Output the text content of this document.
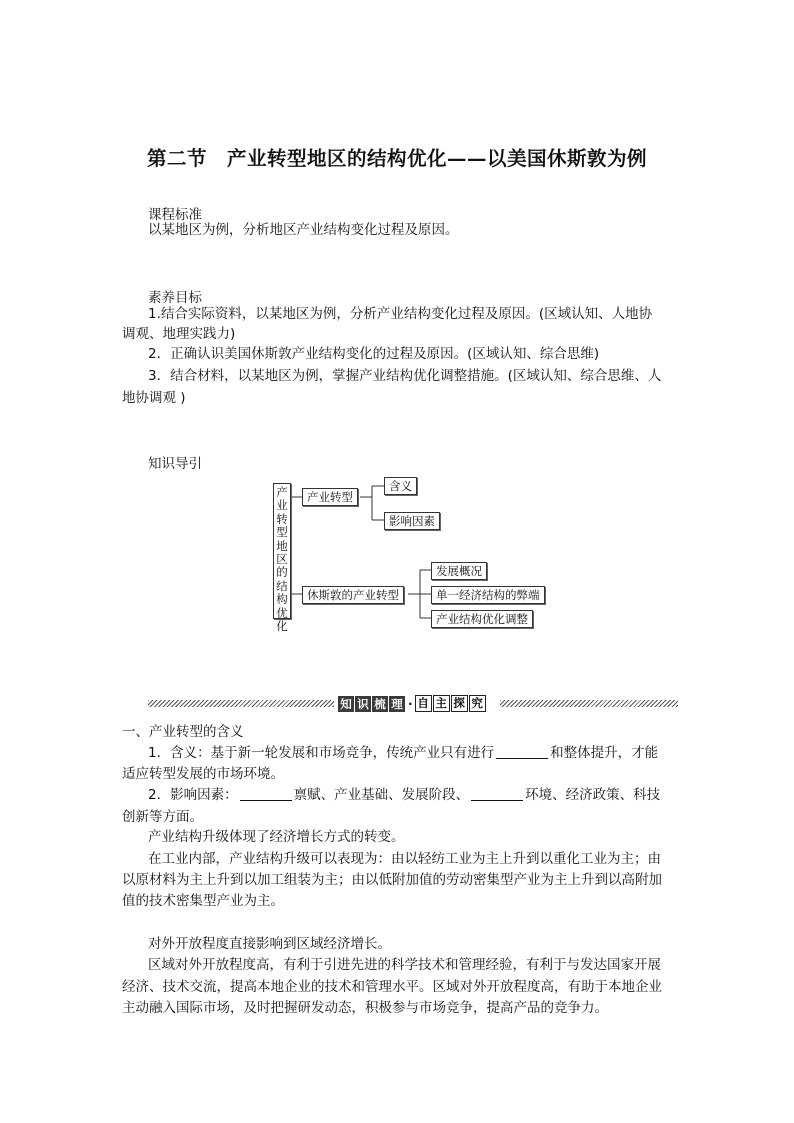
第二节　产业转型地区的结构优化——以美国休斯敦为例
课程标准
以某地区为例，分析地区产业结构变化过程及原因。
素养目标
1.结合实际资料，以某地区为例，分析产业结构变化过程及原因。(区域认知、人地协
调观、地理实践力)
2．正确认识美国休斯敦产业结构变化的过程及原因。(区域认知、综合思维)
3．结合材料，以某地区为例，掌握产业结构优化调整措施。(区域认知、综合思维、人
地协调观 )
知识导引
产业转型地区的结构优化
产业转型
含义
影响因素
休斯敦的产业转型
发展概况
单一经济结构的弊端
产业结构优化调整
知 识 梳 理 · 自 主 探 究
一、产业转型的含义
1．含义：基于新一轮发展和市场竞争，传统产业只有进行	和整体提升，才能
适应转型发展的市场环境。
2．影响因素：	禀赋、产业基础、发展阶段、	环境、经济政策、科技
创新等方面。
产业结构升级体现了经济增长方式的转变。
在工业内部，产业结构升级可以表现为：由以轻纺工业为主上升到以重化工业为主；由
以原材料为主上升到以加工组装为主；由以低附加值的劳动密集型产业为主上升到以高附加
值的技术密集型产业为主。
对外开放程度直接影响到区域经济增长。
区域对外开放程度高，有利于引进先进的科学技术和管理经验，有利于与发达国家开展
经济、技术交流，提高本地企业的技术和管理水平。区域对外开放程度高，有助于本地企业
主动融入国际市场，及时把握研发动态，积极参与市场竞争，提高产品的竞争力。
